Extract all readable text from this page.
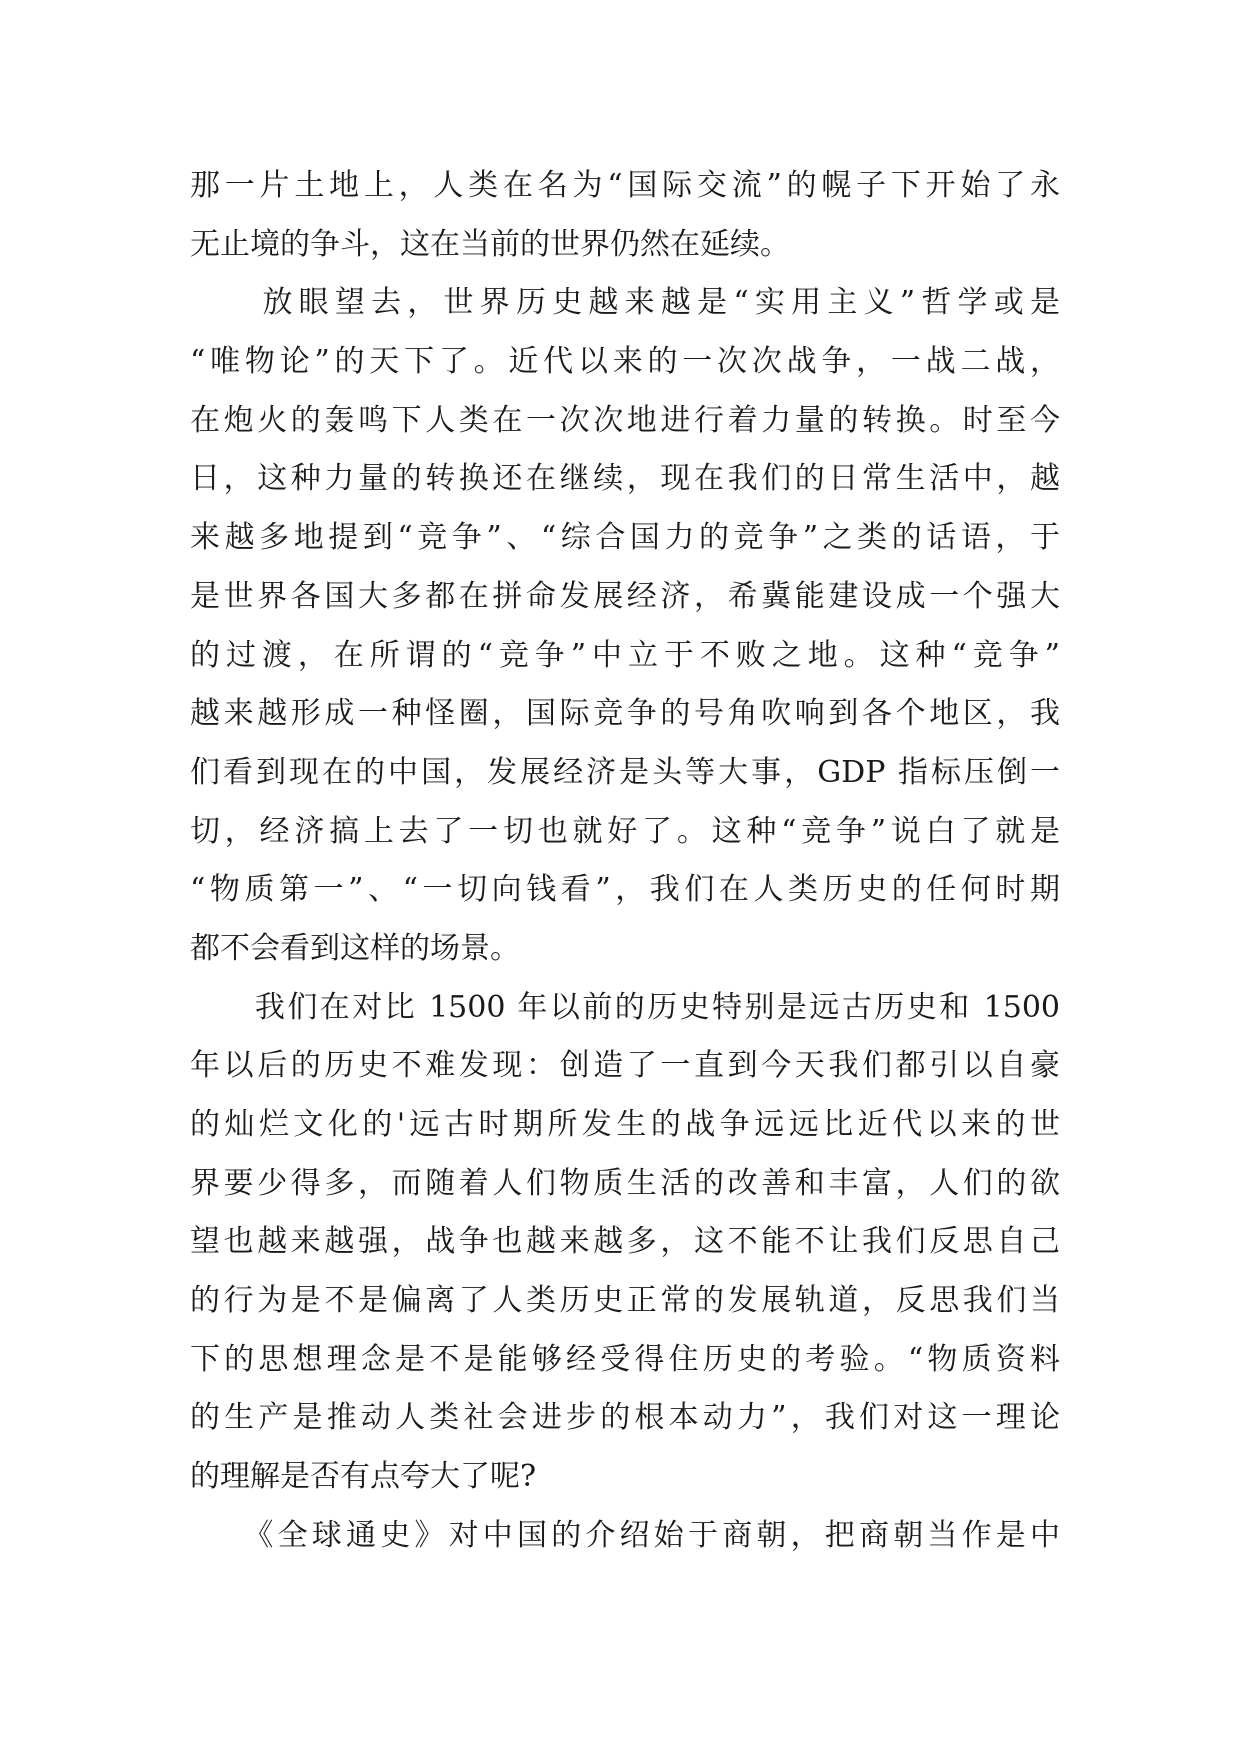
那一片土地上，人类在名为“国际交流”的幌子下开始了永
无止境的争斗，这在当前的世界仍然在延续。
　　放眼望去，世界历史越来越是“实用主义”哲学或是
“唯物论”的天下了。近代以来的一次次战争，一战二战，
在炮火的轰鸣下人类在一次次地进行着力量的转换。时至今
日，这种力量的转换还在继续，现在我们的日常生活中，越
来越多地提到“竞争”、“综合国力的竞争”之类的话语，于
是世界各国大多都在拼命发展经济，希冀能建设成一个强大
的过渡，在所谓的“竞争”中立于不败之地。这种“竞争”
越来越形成一种怪圈，国际竞争的号角吹响到各个地区，我
们看到现在的中国，发展经济是头等大事，GDP 指标压倒一
切，经济搞上去了一切也就好了。这种“竞争”说白了就是
“物质第一”、“一切向钱看”，我们在人类历史的任何时期
都不会看到这样的场景。
　　我们在对比 1500 年以前的历史特别是远古历史和 1500
年以后的历史不难发现：创造了一直到今天我们都引以自豪
的灿烂文化的'远古时期所发生的战争远远比近代以来的世
界要少得多，而随着人们物质生活的改善和丰富，人们的欲
望也越来越强，战争也越来越多，这不能不让我们反思自己
的行为是不是偏离了人类历史正常的发展轨道，反思我们当
下的思想理念是不是能够经受得住历史的考验。“物质资料
的生产是推动人类社会进步的根本动力”，我们对这一理论
的理解是否有点夸大了呢?
　　《全球通史》对中国的介绍始于商朝，把商朝当作是中
